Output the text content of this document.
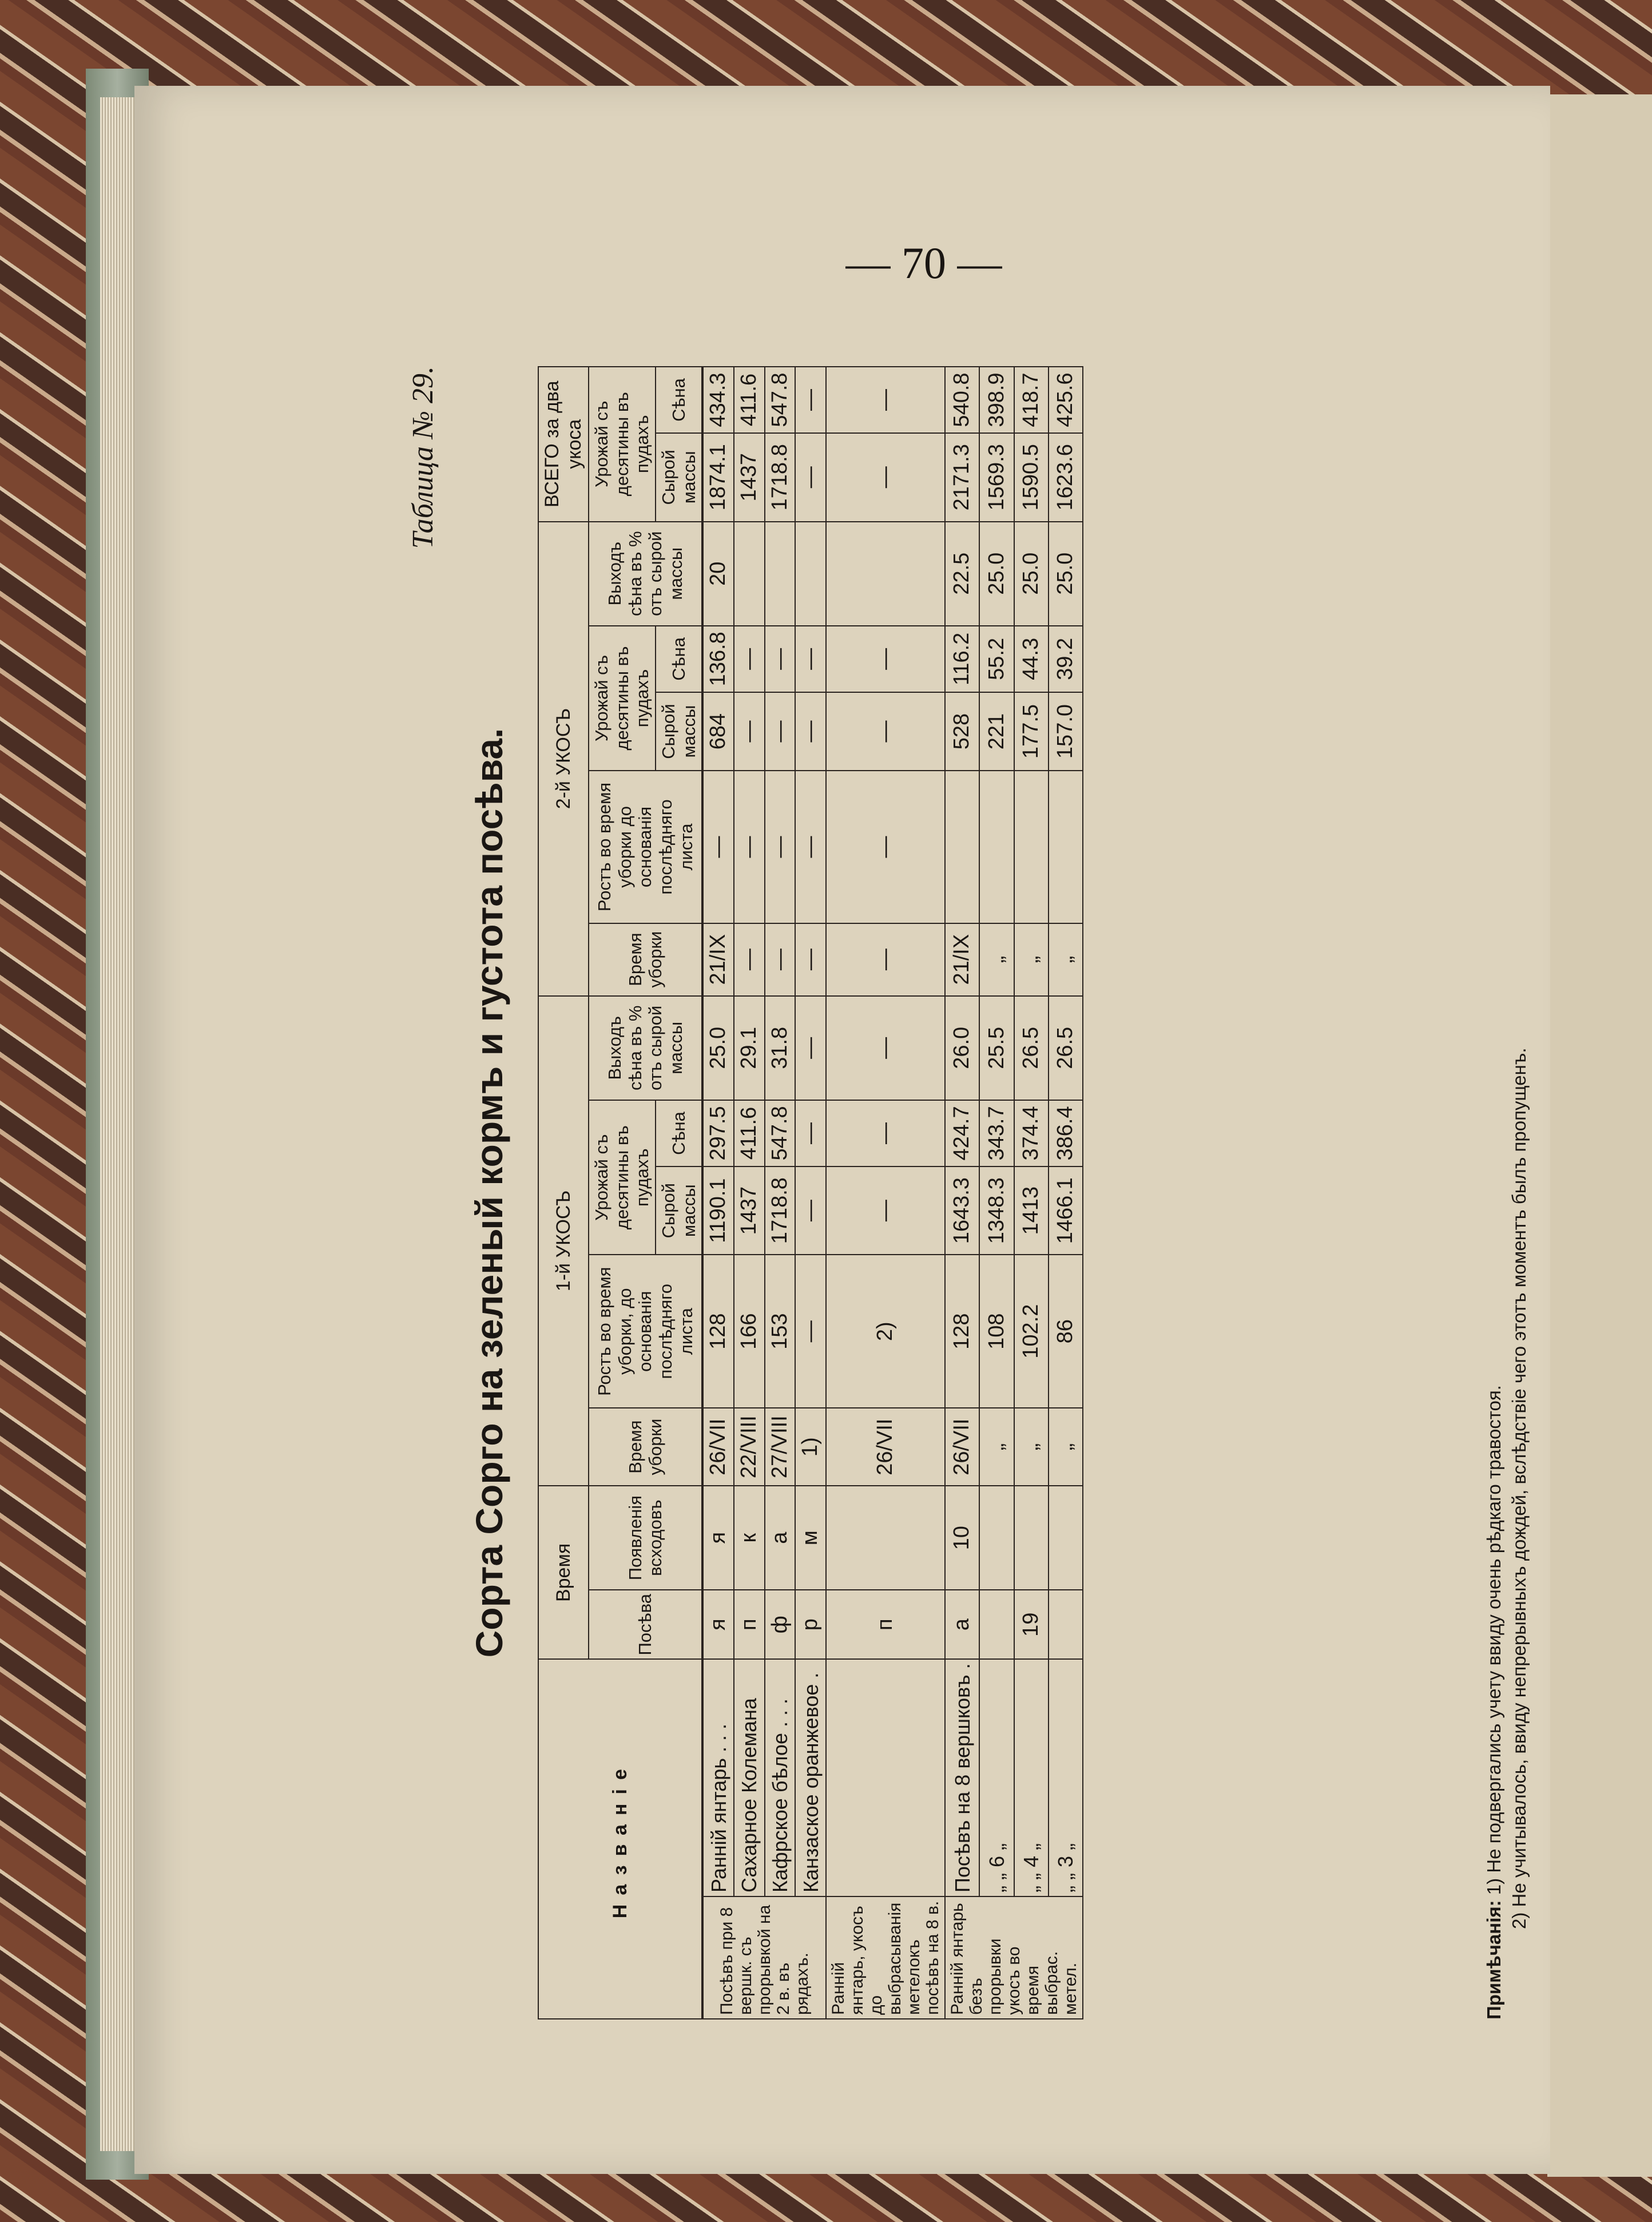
— 70 —
Таблица № 29.
Сорта Сорго на зеленый кормъ и густота посѣва.
Названіе		Время		1-й УКОСЪ					2-й УКОСЪ					ВСЕГО за два укоса	
		Посѣва	Появленія всходовъ	Время уборки	Ростъ во время уборки, до основанія послѣдняго листа	Урожай съ десятины въ пудахъ		Выходъ сѣна въ % отъ сырой массы	Время уборки	Ростъ во время уборки до основанія послѣдняго листа	Урожай съ десятины въ пудахъ		Выходъ сѣна въ % отъ сырой массы	Урожай съ десятины въ пудахъ	
						Сырой массы	Сѣна				Сырой массы	Сѣна		Сырой массы	Сѣна
Посѣвъ при 8 вершк. съ прорывкой на 2 в. въ рядахъ.	Ранній янтарь . . .	я	я	26/VII	128	1190.1	297.5	25.0	21/IX	—	684	136.8	20	1874.1	434.3
	Сахарное Колемана	п	к	22/VIII	166	1437	411.6	29.1	—	—	—	—		1437	411.6
	Кафрское бѣлое . . .	ф	а	27/VIII	153	1718.8	547.8	31.8	—	—	—	—		1718.8	547.8
	Канзаское оранжевое .	р	м	1)	—	—	—	—	—	—	—	—		—	—
Ранній янтарь, укосъ до выбрасыванія метелокъ посѣвъ на 8 в.		п		26/VII	2)	—	—	—	—	—	—	—		—	—
Ранній янтарь безъ прорывки укосъ во время выбрас. метел.	Посѣвъ на 8 вершковъ .	а	10	26/VII	128	1643.3	424.7	26.0	21/IX		528	116.2	22.5	2171.3	540.8
	„ „ 6 „			„	108	1348.3	343.7	25.5	„		221	55.2	25.0	1569.3	398.9
	„ „ 4 „	19		„	102.2	1413	374.4	26.5	„		177.5	44.3	25.0	1590.5	418.7
	„ „ 3 „			„	86	1466.1	386.4	26.5	„		157.0	39.2	25.0	1623.6	425.6
Примѣчанія: 1) Не подвергались учету ввиду очень рѣдкаго травостоя. 2) Не учитывалось, ввиду непрерывныхъ дождей, вслѣдствіе чего этотъ моментъ былъ пропущенъ.
